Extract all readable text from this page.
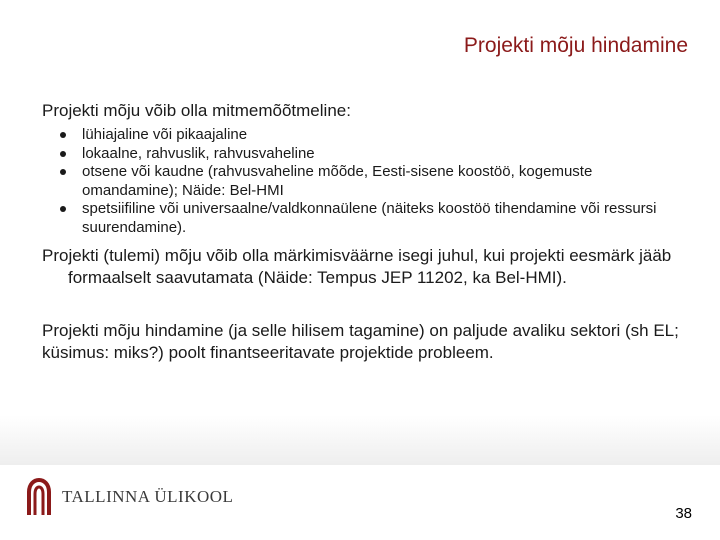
Projekti mõju hindamine

Projekti mõju võib olla mitmemõõtmeline:

lühiajaline või pikaajaline
lokaalne, rahvuslik, rahvusvaheline
otsene või kaudne (rahvusvaheline mõõde, Eesti-sisene koostöö, kogemuste omandamine); Näide: Bel-HMI
spetsiifiline või universaalne/valdkonnaülene (näiteks koostöö tihendamine või ressursi suurendamine).

Projekti (tulemi) mõju võib olla märkimisväärne isegi juhul, kui projekti eesmärk jääb formaalselt saavutamata (Näide: Tempus JEP 11202, ka Bel-HMI).

Projekti mõju hindamine (ja selle hilisem tagamine) on paljude avaliku sektori (sh EL; küsimus: miks?) poolt finantseeritavate projektide probleem.

TALLINNA ÜLIKOOL
38
